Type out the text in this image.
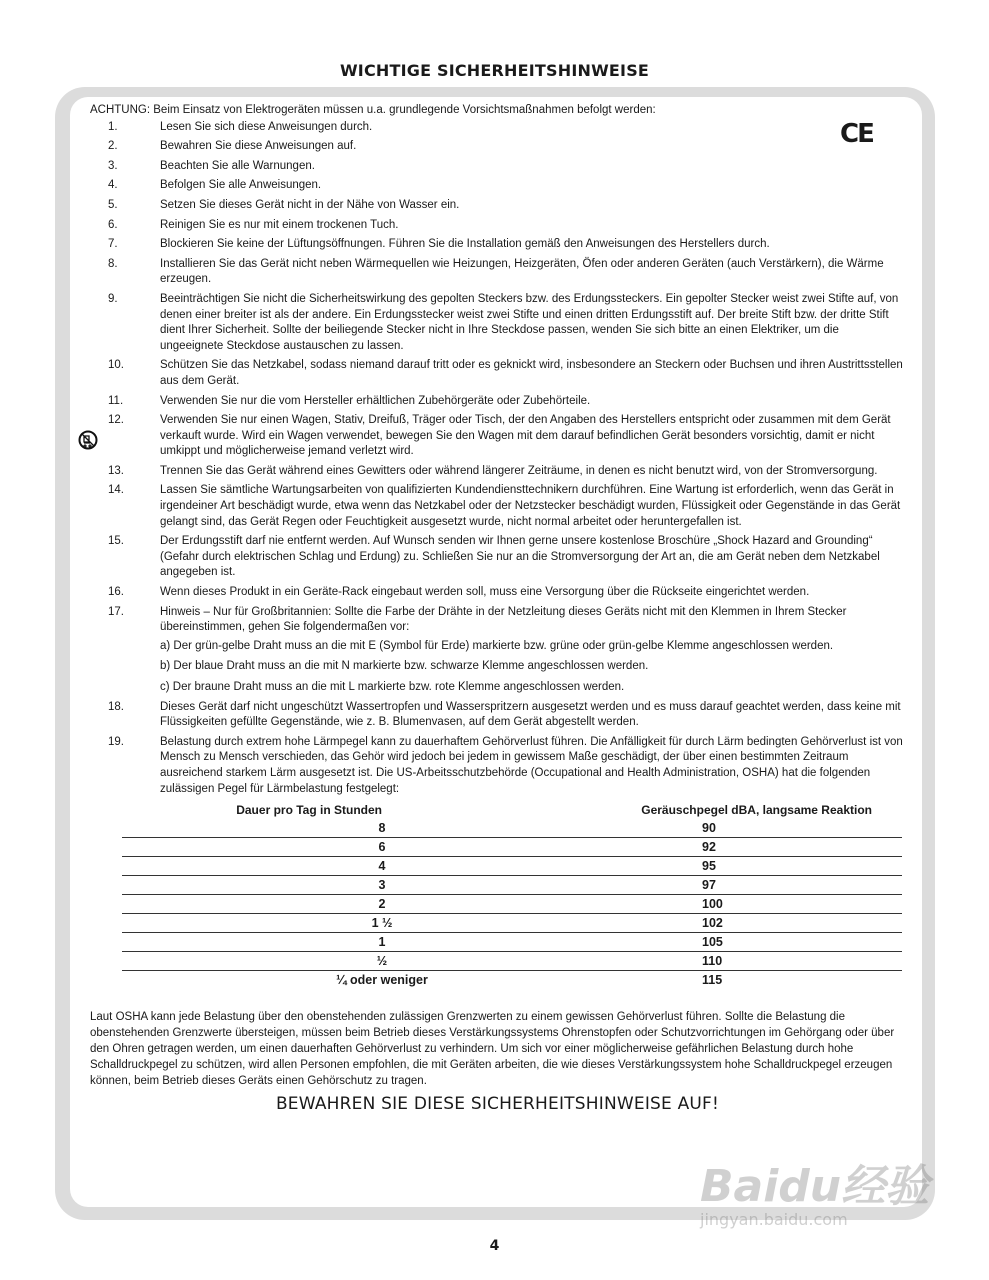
WICHTIGE SICHERHEITSHINWEISE
CE
ACHTUNG: Beim Einsatz von Elektrogeräten müssen u.a. grundlegende Vorsichtsmaßnahmen befolgt werden:
1.	Lesen Sie sich diese Anweisungen durch.
2.	Bewahren Sie diese Anweisungen auf.
3.	Beachten Sie alle Warnungen.
4.	Befolgen Sie alle Anweisungen.
5.	Setzen Sie dieses Gerät nicht in der Nähe von Wasser ein.
6.	Reinigen Sie es nur mit einem trockenen Tuch.
7.	Blockieren Sie keine der Lüftungsöffnungen. Führen Sie die Installation gemäß den Anweisungen des Herstellers durch.
8.	Installieren Sie das Gerät nicht neben Wärmequellen wie Heizungen, Heizgeräten, Öfen oder anderen Geräten (auch Verstärkern), die Wärme erzeugen.
9.	Beeinträchtigen Sie nicht die Sicherheitswirkung des gepolten Steckers bzw. des Erdungssteckers. Ein gepolter Stecker weist zwei Stifte auf, von denen einer breiter ist als der andere. Ein Erdungsstecker weist zwei Stifte und einen dritten Erdungsstift auf. Der breite Stift bzw. der dritte Stift dient Ihrer Sicherheit. Sollte der beiliegende Stecker nicht in Ihre Steckdose passen, wenden Sie sich bitte an einen Elektriker, um die ungeeignete Steckdose austauschen zu lassen.
10.	Schützen Sie das Netzkabel, sodass niemand darauf tritt oder es geknickt wird, insbesondere an Steckern oder Buchsen und ihren Austrittsstellen aus dem Gerät.
11.	Verwenden Sie nur die vom Hersteller erhältlichen Zubehörgeräte oder Zubehörteile.
12.	Verwenden Sie nur einen Wagen, Stativ, Dreifuß, Träger oder Tisch, der den Angaben des Herstellers entspricht oder zusammen mit dem Gerät verkauft wurde. Wird ein Wagen verwendet, bewegen Sie den Wagen mit dem darauf befindlichen Gerät besonders vorsichtig, damit er nicht umkippt und möglicherweise jemand verletzt wird.
13.	Trennen Sie das Gerät während eines Gewitters oder während längerer Zeiträume, in denen es nicht benutzt wird, von der Stromversorgung.
14.	Lassen Sie sämtliche Wartungsarbeiten von qualifizierten Kundendiensttechnikern durchführen. Eine Wartung ist erforderlich, wenn das Gerät in irgendeiner Art beschädigt wurde, etwa wenn das Netzkabel oder der Netzstecker beschädigt wurden, Flüssigkeit oder Gegenstände in das Gerät gelangt sind, das Gerät Regen oder Feuchtigkeit ausgesetzt wurde, nicht normal arbeitet oder heruntergefallen ist.
15.	Der Erdungsstift darf nie entfernt werden. Auf Wunsch senden wir Ihnen gerne unsere kostenlose Broschüre „Shock Hazard and Grounding“ (Gefahr durch elektrischen Schlag und Erdung) zu. Schließen Sie nur an die Stromversorgung der Art an, die am Gerät neben dem Netzkabel angegeben ist.
16.	Wenn dieses Produkt in ein Geräte-Rack eingebaut werden soll, muss eine Versorgung über die Rückseite eingerichtet werden.
17.	Hinweis – Nur für Großbritannien: Sollte die Farbe der Drähte in der Netzleitung dieses Geräts nicht mit den Klemmen in Ihrem Stecker übereinstimmen, gehen Sie folgendermaßen vor:
a) Der grün-gelbe Draht muss an die mit E (Symbol für Erde) markierte bzw. grüne oder grün-gelbe Klemme angeschlossen werden.
b) Der blaue Draht muss an die mit N markierte bzw. schwarze Klemme angeschlossen werden.
c) Der braune Draht muss an die mit L markierte bzw. rote Klemme angeschlossen werden.
18.	Dieses Gerät darf nicht ungeschützt Wassertropfen und Wasserspritzern ausgesetzt werden und es muss darauf geachtet werden, dass keine mit Flüssigkeiten gefüllte Gegenstände, wie z. B. Blumenvasen, auf dem Gerät abgestellt werden.
19.	Belastung durch extrem hohe Lärmpegel kann zu dauerhaftem Gehörverlust führen. Die Anfälligkeit für durch Lärm bedingten Gehörverlust ist von Mensch zu Mensch verschieden, das Gehör wird jedoch bei jedem in gewissem Maße geschädigt, der über einen bestimmten Zeitraum ausreichend starkem Lärm ausgesetzt ist. Die US-Arbeitsschutzbehörde (Occupational and Health Administration, OSHA) hat die folgenden zulässigen Pegel für Lärmbelastung festgelegt:
Dauer pro Tag in Stunden	Geräuschpegel dBA, langsame Reaktion
8	90
6	92
4	95
3	97
2	100
1 ½	102
1	105
½	110
¼ oder weniger	115
Laut OSHA kann jede Belastung über den obenstehenden zulässigen Grenzwerten zu einem gewissen Gehörverlust führen. Sollte die Belastung die obenstehenden Grenzwerte übersteigen, müssen beim Betrieb dieses Verstärkungssystems Ohrenstopfen oder Schutzvorrichtungen im Gehörgang oder über den Ohren getragen werden, um einen dauerhaften Gehörverlust zu verhindern. Um sich vor einer möglicherweise gefährlichen Belastung durch hohe Schalldruckpegel zu schützen, wird allen Personen empfohlen, die mit Geräten arbeiten, die wie dieses Verstärkungssystem hohe Schalldruckpegel erzeugen können, beim Betrieb dieses Geräts einen Gehörschutz zu tragen.
BEWAHREN SIE DIESE SICHERHEITSHINWEISE AUF!
Baidu经验
jingyan.baidu.com
4
